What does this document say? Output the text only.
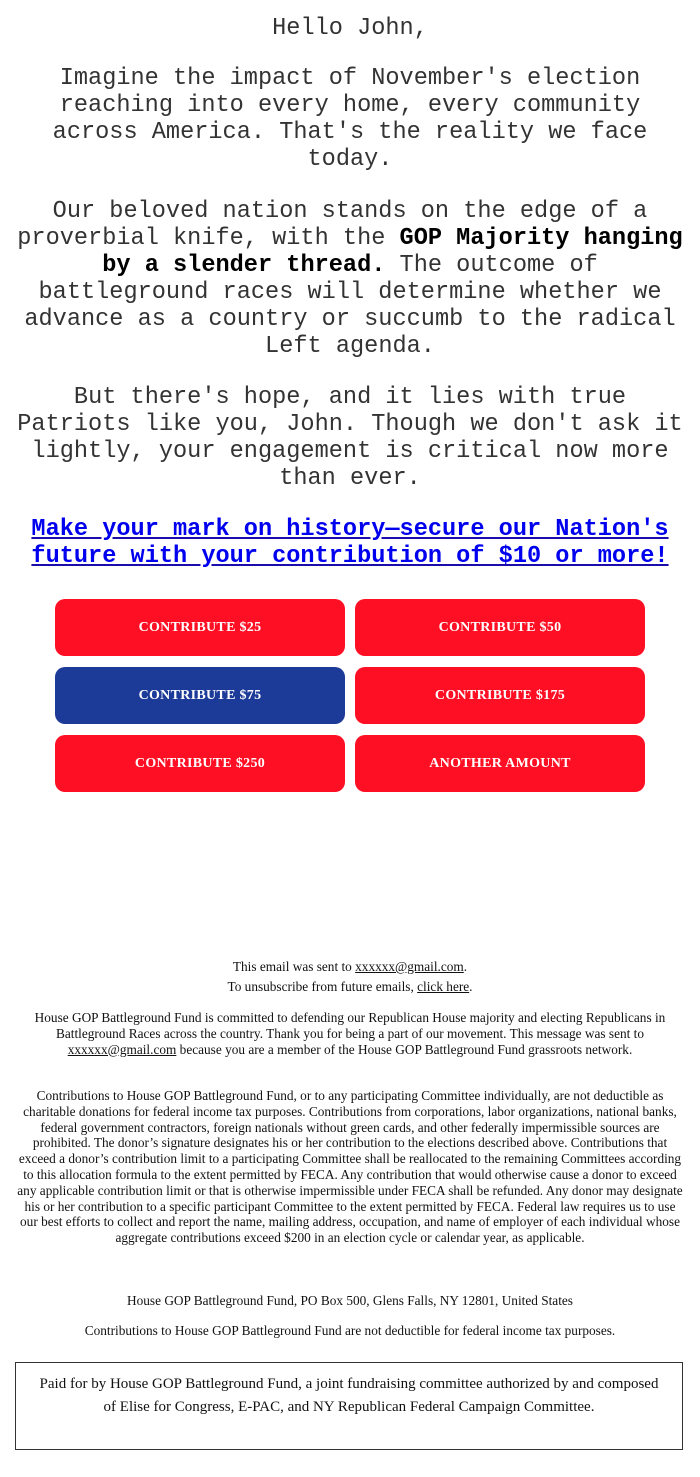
Hello John,
Imagine the impact of November's election reaching into every home, every community across America. That's the reality we face today.
Our beloved nation stands on the edge of a proverbial knife, with the GOP Majority hanging by a slender thread. The outcome of battleground races will determine whether we advance as a country or succumb to the radical Left agenda.
But there's hope, and it lies with true Patriots like you, John. Though we don't ask it lightly, your engagement is critical now more than ever.
Make your mark on history—secure our Nation's future with your contribution of $10 or more!
CONTRIBUTE $25	CONTRIBUTE $50
CONTRIBUTE $75	CONTRIBUTE $175
CONTRIBUTE $250	ANOTHER AMOUNT
This email was sent to xxxxxx@gmail.com.
To unsubscribe from future emails, click here.
House GOP Battleground Fund is committed to defending our Republican House majority and electing Republicans in Battleground Races across the country. Thank you for being a part of our movement. This message was sent to xxxxxx@gmail.com because you are a member of the House GOP Battleground Fund grassroots network.
Contributions to House GOP Battleground Fund, or to any participating Committee individually, are not deductible as charitable donations for federal income tax purposes. Contributions from corporations, labor organizations, national banks, federal government contractors, foreign nationals without green cards, and other federally impermissible sources are prohibited. The donor’s signature designates his or her contribution to the elections described above. Contributions that exceed a donor’s contribution limit to a participating Committee shall be reallocated to the remaining Committees according to this allocation formula to the extent permitted by FECA. Any contribution that would otherwise cause a donor to exceed any applicable contribution limit or that is otherwise impermissible under FECA shall be refunded. Any donor may designate his or her contribution to a specific participant Committee to the extent permitted by FECA. Federal law requires us to use our best efforts to collect and report the name, mailing address, occupation, and name of employer of each individual whose aggregate contributions exceed $200 in an election cycle or calendar year, as applicable.
House GOP Battleground Fund, PO Box 500, Glens Falls, NY 12801, United States
Contributions to House GOP Battleground Fund are not deductible for federal income tax purposes.
Paid for by House GOP Battleground Fund, a joint fundraising committee authorized by and composed of Elise for Congress, E-PAC, and NY Republican Federal Campaign Committee.
